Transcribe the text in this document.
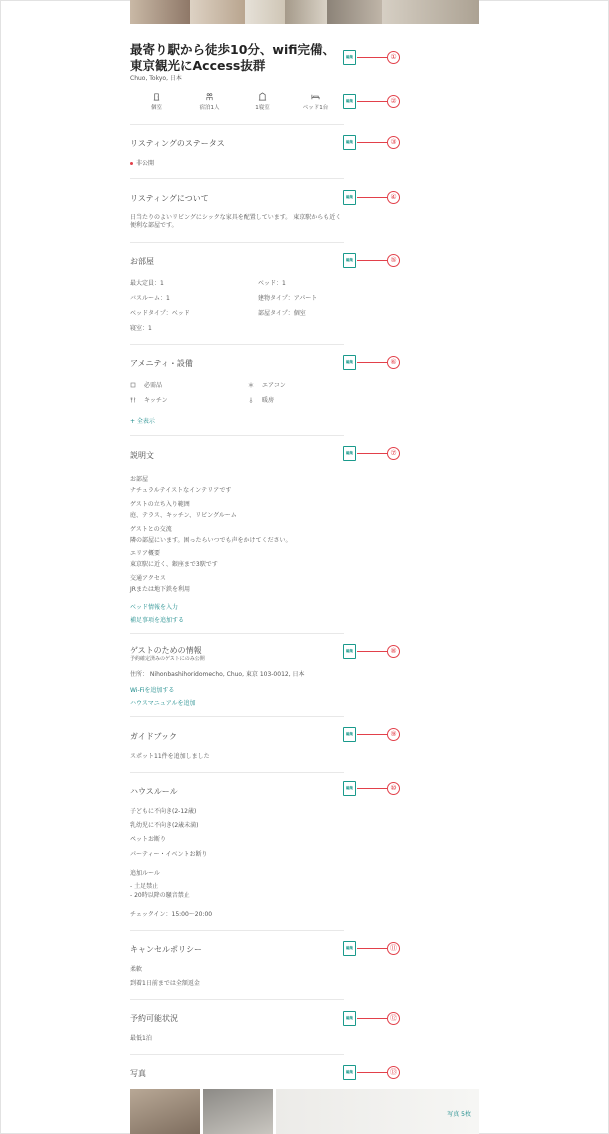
最寄り駅から徒歩10分、wifi完備、東京観光にAccess抜群
Chuo, Tokyo, 日本
編集	①
個室	宿泊1人	1寝室	ベッド1台
編集	②
リスティングのステータス
非公開
編集	③
リスティングについて
日当たりのよいリビングにシックな家具を配置しています。 東京駅からも近く便利な部屋です。
編集	④
お部屋
最大定員：1	ベッド：1
バスルーム：1	建物タイプ：アパート
ベッドタイプ：ベッド	部屋タイプ：個室
寝室：1
編集	⑤
アメニティ・設備
必需品	エアコン
キッチン	暖房
+ 全表示
編集	⑥
説明文
お部屋
ナチュラルテイストなインテリアです
ゲストの立ち入り範囲
庭、テラス、キッチン、リビングルーム
ゲストとの交流
隣の部屋にいます。困ったらいつでも声をかけてください。
エリア概要
東京駅に近く、銀座まで3駅です
交通アクセス
JRまたは地下鉄を利用
ベッド情報を入力
補足事項を追加する
編集	⑦
ゲストのための情報
予約確定済みのゲストにのみ公開
住所： Nihonbashihoridomecho, Chuo, 東京 103-0012, 日本
Wi-Fiを追加する
ハウスマニュアルを追加
編集	⑧
ガイドブック
スポット11件を追加しました
編集	⑨
ハウスルール
子どもに不向き(2-12歳)
乳幼児に不向き(2歳未満)
ペットお断り
パーティー・イベントお断り
追加ルール
- 土足禁止
- 20時以降の騒音禁止
チェックイン：15:00〜20:00
編集	⑩
キャンセルポリシー
柔軟
到着1日前までは全額返金
編集	⑪
予約可能状況
最低1泊
編集	⑫
写真	編集	⑬
写真 5枚
